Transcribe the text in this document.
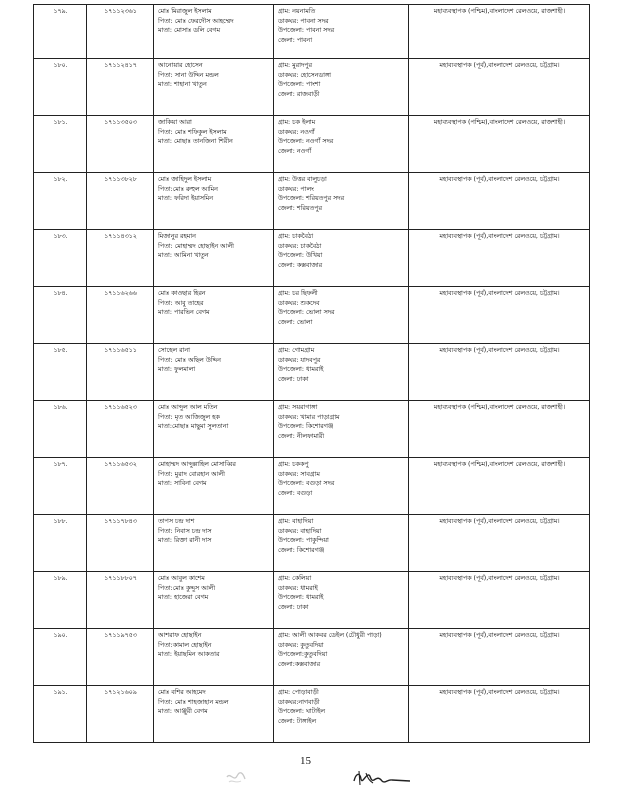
১৭৯.	১৭১১২৩৬১	মোঃ মিরাজুল ইসলাম
পিতা: মোঃ ফেরদৌস আহম্মেদ
মাতা: মোসাঃ ডলি বেগম	গ্রাম: নয়নামতি
ডাকঘর: পাবনা সদর
উপজেলা: পাবনা সদর
জেলা: পাবনা	মহাব্যবস্থাপক (পশ্চিম),বাংলাদেশ রেলওয়ে, রাজশাহী।
১৮০.	১৭১১২৪১৭	আনোয়ার হোসেন
পিতা: সানা উদ্দিন মন্ডল
মাতা: শাহানা খাতুন	গ্রাম: মুরাদপুর
ডাকঘর: হোসেনডাঙ্গা
উপজেলা: পাংশা
জেলা: রাজবাড়ী	মহাব্যবস্থাপক (পূর্ব),বাংলাদেশ রেলওয়ে, চট্টগ্রাম।
১৮১.	১৭১১৩৫০৩	জাকিয়া আরা
পিতা: মোঃ শফিকুল ইসলাম
মাতা: মোছাঃ তানজিনা শিরীন	গ্রাম: চক ইলাম
ডাকঘর: নওগাঁ
উপজেলা: নওগাঁ সদর
জেলা: নওগাঁ	মহাব্যবস্থাপক (পশ্চিম),বাংলাদেশ রেলওয়ে, রাজশাহী।
১৮২.	১৭১১৩৮২৮	মোঃ জাহিদুল ইসলাম
পিতা:মোঃ রুহুল আমিন
মাতা: ফরিদা ইয়াসমিন	গ্রাম: উত্তর বালুচড়া
ডাকঘর: পালং
উপজেলা: শরিয়তপুর সদর
জেলা: শরিয়তপুর	মহাব্যবস্থাপক (পূর্ব),বাংলাদেশ রেলওয়ে, চট্টগ্রাম।
১৮৩.	১৭১১৪৩১২	মিজানুর রহমান
পিতা: মোহাম্মদ হোছাইন আলী
মাতা: আমিনা খাতুন	গ্রাম: চাকবৈঠা
ডাকঘর: চাকবৈঠা
উপজেলা: উখিয়া
জেলা: কক্সবাজার	মহাব্যবস্থাপক (পূর্ব),বাংলাদেশ রেলওয়ে, চট্টগ্রাম।
১৮৪.	১৭১১৬২৬৬	মোঃ কাওছার হিরন
পিতা: আবু তাহের
মাতা: পারভিন বেগম	গ্রাম: চর ছিফলী
ডাকঘর: শুকদেব
উপজেলা: ভোলা সদর
জেলা: ভোলা	মহাব্যবস্থাপক (পূর্ব),বাংলাদেশ রেলওয়ে, চট্টগ্রাম।
১৮৫.	১৭১১৬৫১১	সোহেল রানা
পিতা: মোঃ অছিল উদ্দিন
মাতা: ফুলমালা	গ্রাম: গোমগ্রাম
ডাকঘর: যাদবপুর
উপজেলা: ধামরাই
জেলা: ঢাকা	মহাব্যবস্থাপক (পূর্ব),বাংলাদেশ রেলওয়ে, চট্টগ্রাম।
১৮৬.	১৭১১৬৫২৩	মোঃ আব্দুল আল মতিন
পিতা: মৃত আজিজুল হক
মাতা:মোছাঃ মাছুমা সুলতানা	গ্রাম: সয়রাগাঙ্গা
ডাকঘর: খামার পাড়াগ্রাম
উপজেলা: কিশোরগঞ্জ
জেলা: নীলফামারী	মহাব্যবস্থাপক (পশ্চিম),বাংলাদেশ রেলওয়ে, রাজশাহী।
১৮৭.	১৭১১৬৫৩২	মোহাম্মদ আব্দুল্লাহিল মোসাব্বির
পিতা: মুরাদ বোরহান আলী
মাতা: সাবিনা বেগম	গ্রাম: চককপু
ডাকঘর: সাবগ্রাম
উপজেলা: বগুড়া সদর
জেলা: বগুড়া	মহাব্যবস্থাপক (পশ্চিম),বাংলাদেশ রেলওয়ে, রাজশাহী।
১৮৮.	১৭১১৭৮৪৩	তাপস চন্দ্র দাশ
পিতা: নিবাস চন্দ্র দাস
মাতা: রিক্তা রানী দাস	গ্রাম: বাহাদিয়া
ডাকঘর: বাহাদিয়া
উপজেলা: পাকুন্দিয়া
জেলা: কিশোরগঞ্জ	মহাব্যবস্থাপক (পূর্ব),বাংলাদেশ রেলওয়ে, চট্টগ্রাম।
১৮৯.	১৭১১৮৮০৭	মোঃ আবুল কাশেম
পিতা:মোঃ কুদ্দুস আলী
মাতা: হাজেরা বেগম	গ্রাম: কেলিয়া
ডাকঘর: ধামরাই
উপজেলা: ধামরাই
জেলা: ঢাকা	মহাব্যবস্থাপক (পূর্ব),বাংলাদেশ রেলওয়ে, চট্টগ্রাম।
১৯০.	১৭১১৯৭৫৩	আশরাফ হোছাইন
পিতা:কামাল হোছাইন
মাতা: ইয়াছমিন আকতার	গ্রাম: আলী আকবর ডেইল (চৌধুরী পাড়া)
ডাকঘর: কুতুবদিয়া
উপজেলা:কুতুবদিয়া
জেলা:কক্সবাজার	মহাব্যবস্থাপক (পূর্ব),বাংলাদেশ রেলওয়ে, চট্টগ্রাম।
১৯১.	১৭১২১৬০৯	মোঃ বশির আহমেদ
পিতা: মোঃ শাহজাহান মন্ডল
মাতা: আঞ্জুরী বেগম	গ্রাম: পোড়াবাড়ী
ডাকঘর:নাগবাড়ী
উপজেলা: ঘাটাইল
জেলা: টাঙ্গাইল	মহাব্যবস্থাপক (পূর্ব),বাংলাদেশ রেলওয়ে, চট্টগ্রাম।
15
